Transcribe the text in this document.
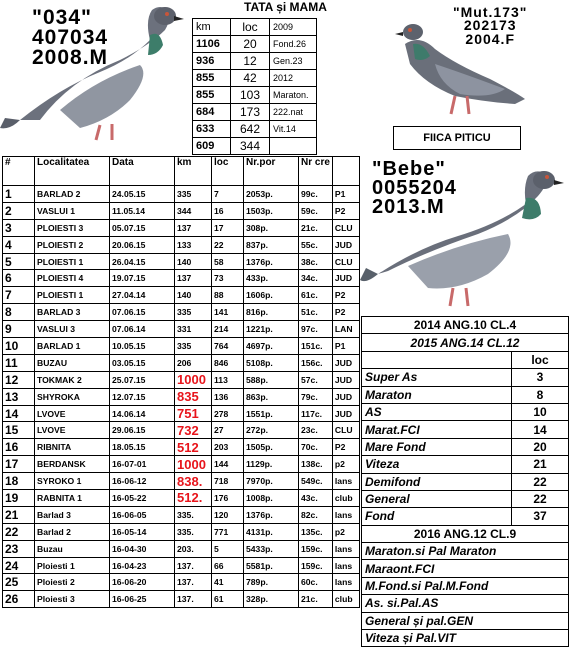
"034"
407034
2008.M
TATA și MAMA
km	loc	2009
1106	20	Fond.26
936	12	Gen.23
855	42	2012
855	103	Maraton.
684	173	222.nat
633	642	Vit.14
609	344	
"Mut.173"
202173
2004.F
FIICA PITICU
"Bebe"
0055204
2013.M
#	Localitatea	Data	km	loc	Nr.por	Nr cre	
1	BARLAD 2	24.05.15	335	7	2053p.	99c.	P1
2	VASLUI 1	11.05.14	344	16	1503p.	59c.	P2
3	PLOIESTI 3	05.07.15	137	17	308p.	21c.	CLU
4	PLOIESTI 2	20.06.15	133	22	837p.	55c.	JUD
5	PLOIESTI 1	26.04.15	140	58	1376p.	38c.	CLU
6	PLOIESTI 4	19.07.15	137	73	433p.	34c.	JUD
7	PLOIESTI 1	27.04.14	140	88	1606p.	61c.	P2
8	BARLAD 3	07.06.15	335	141	816p.	51c.	P2
9	VASLUI 3	07.06.14	331	214	1221p.	97c.	LAN
10	BARLAD 1	10.05.15	335	764	4697p.	151c.	P1
11	BUZAU	03.05.15	206	846	5108p.	156c.	JUD
12	TOKMAK 2	25.07.15	1000	113	588p.	57c.	JUD
13	SHYROKA	12.07.15	835	136	863p.	79c.	JUD
14	LVOVE	14.06.14	751	278	1551p.	117c.	JUD
15	LVOVE	29.06.15	732	27	272p.	23c.	CLU
16	RIBNITA	18.05.15	512	203	1505p.	70c.	P2
17	BERDANSK	16-07-01	1000	144	1129p.	138c.	p2
18	SYROKO 1	16-06-12	838.	718	7970p.	549c.	lans
19	RABNITA 1	16-05-22	512.	176	1008p.	43c.	club
21	Barlad 3	16-06-05	335.	120	1376p.	82c.	lans
22	Barlad 2	16-05-14	335.	771	4131p.	135c.	p2
23	Buzau	16-04-30	203.	5	5433p.	159c.	lans
24	Ploiesti 1	16-04-23	137.	66	5581p.	159c.	lans
25	Ploiesti 2	16-06-20	137.	41	789p.	60c.	lans
26	Ploiesti 3	16-06-25	137.	61	328p.	21c.	club
2014 ANG.10 CL.4	
2015 ANG.14 CL.12	
	loc
Super As	3
Maraton	8
AS	10
Marat.FCI	14
Mare Fond	20
Viteza	21
Demifond	22
General	22
Fond	37
2016 ANG.12 CL.9	
Maraton.si Pal Maraton	
Maraont.FCI	
M.Fond.si Pal.M.Fond	
As. si.Pal.AS	
General și pal.GEN	
Viteza și Pal.VIT	
